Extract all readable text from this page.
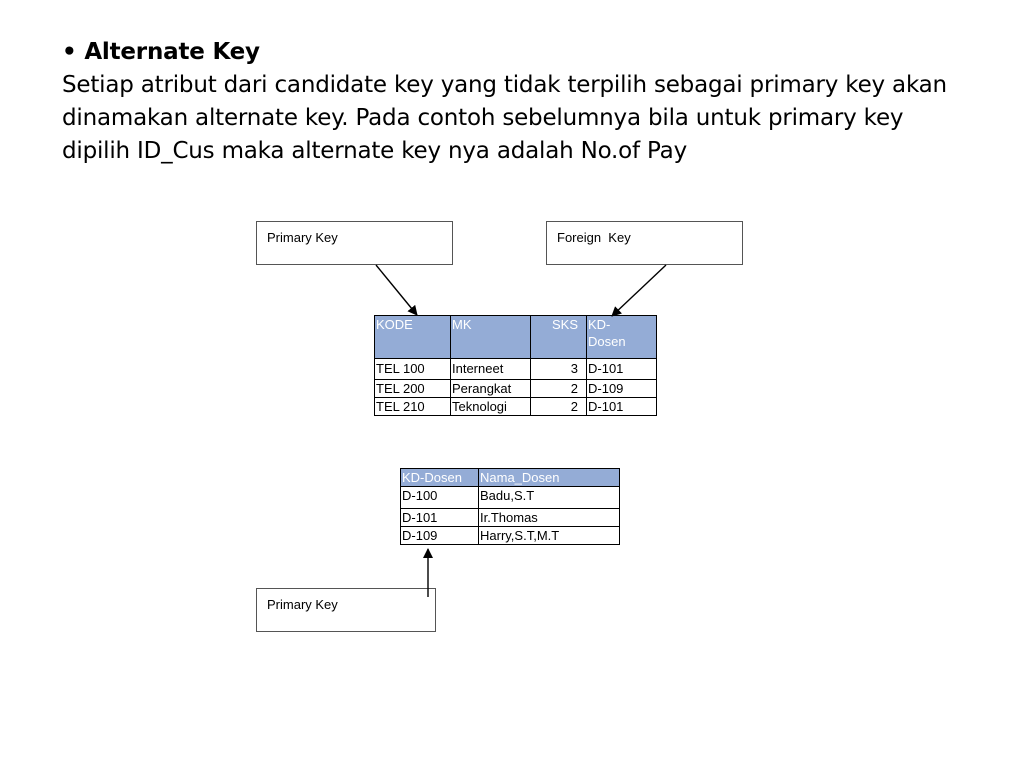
• Alternate Key
Setiap atribut dari candidate key yang tidak terpilih sebagai primary key akan
dinamakan alternate key. Pada contoh sebelumnya bila untuk primary key
dipilih ID_Cus maka alternate key nya adalah No.of Pay
Primary Key	Foreign  Key
Primary Key
KODE	MK	SKS	KD-
Dosen
TEL 100	Interneet	3	D-101
TEL 200	Perangkat	2	D-109
TEL 210	Teknologi	2	D-101
KD-Dosen	Nama_Dosen
D-100	Badu,S.T
D-101	Ir.Thomas
D-109	Harry,S.T,M.T
